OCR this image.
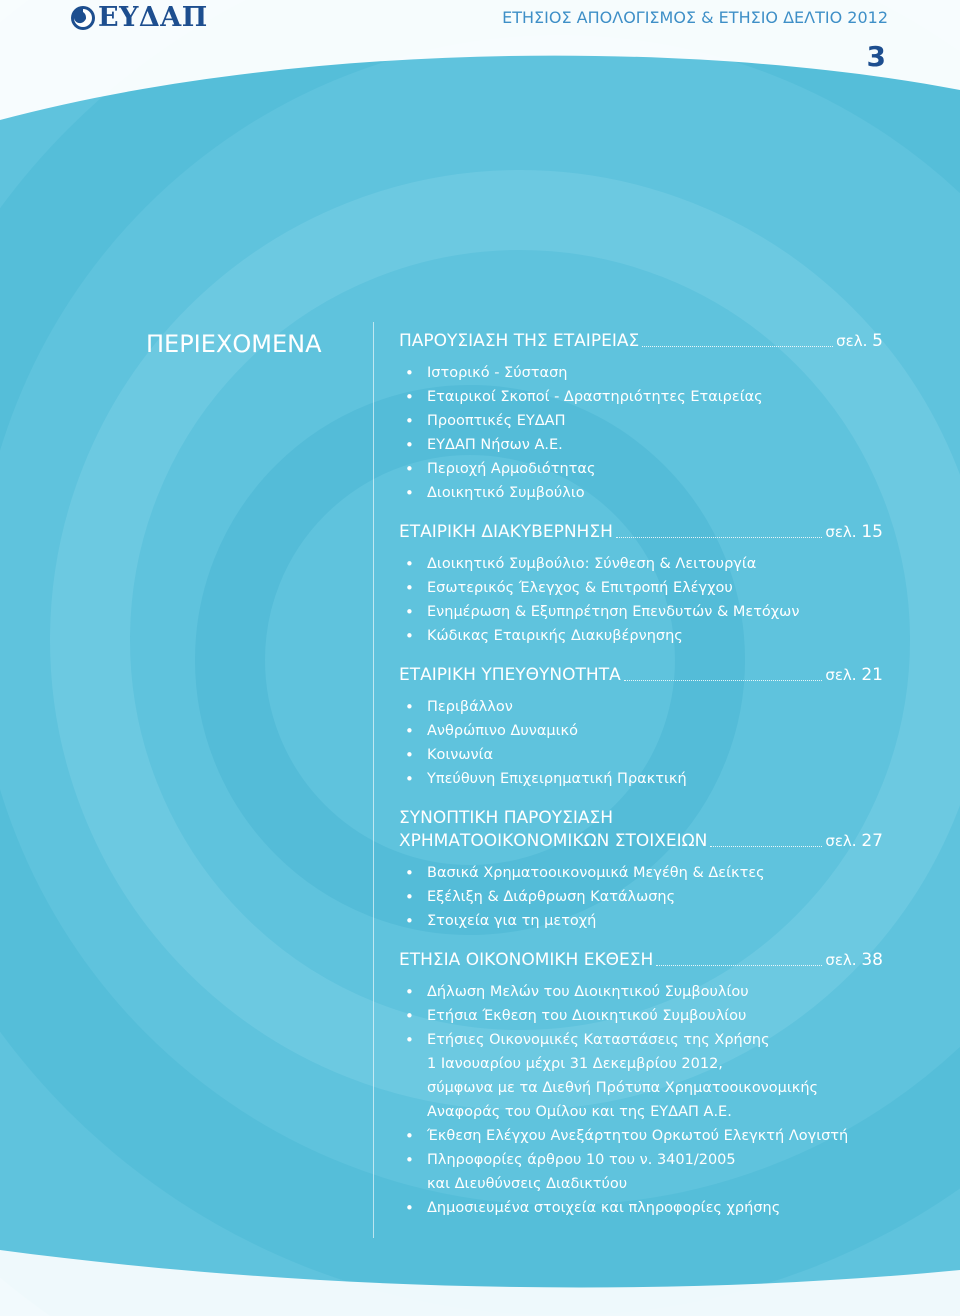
ΕΥΔΑΠ	ΕΤΗΣΙΟΣ ΑΠΟΛΟΓΙΣΜΟΣ & ΕΤΗΣΙΟ ΔΕΛΤΙΟ 2012
3
ΠΕΡΙΕΧΟΜΕΝΑ	ΠΑΡΟΥΣΙΑΣΗ ΤΗΣ ΕΤΑΙΡΕΙΑΣ	σελ. 5
• Ιστορικό - Σύσταση
• Εταιρικοί Σκοποί - Δραστηριότητες Εταιρείας
• Προοπτικές ΕΥΔΑΠ
• ΕΥΔΑΠ Νήσων Α.Ε.
• Περιοχή Αρμοδιότητας
• Διοικητικό Συμβούλιο
ΕΤΑΙΡΙΚΗ ΔΙΑΚΥΒΕΡΝΗΣΗ	σελ. 15
• Διοικητικό Συμβούλιο: Σύνθεση & Λειτουργία
• Εσωτερικός Έλεγχος & Επιτροπή Ελέγχου
• Ενημέρωση & Εξυπηρέτηση Επενδυτών & Μετόχων
• Κώδικας Εταιρικής Διακυβέρνησης
ΕΤΑΙΡΙΚΗ ΥΠΕΥΘΥΝΟΤΗΤΑ	σελ. 21
• Περιβάλλον
• Ανθρώπινο Δυναμικό
• Κοινωνία
• Υπεύθυνη Επιχειρηματική Πρακτική
ΣΥΝΟΠΤΙΚΗ ΠΑΡΟΥΣΙΑΣΗ
ΧΡΗΜΑΤΟΟΙΚΟΝΟΜΙΚΩΝ ΣΤΟΙΧΕΙΩΝ	σελ. 27
• Βασικά Χρηματοοικονομικά Μεγέθη & Δείκτες
• Εξέλιξη & Διάρθρωση Κατάλωσης
• Στοιχεία για τη μετοχή
ΕΤΗΣΙΑ ΟΙΚΟΝΟΜΙΚΗ ΕΚΘΕΣΗ	σελ. 38
• Δήλωση Μελών του Διοικητικού Συμβουλίου
• Ετήσια Έκθεση του Διοικητικού Συμβουλίου
• Ετήσιες Οικονομικές Καταστάσεις της Χρήσης
1 Ιανουαρίου μέχρι 31 Δεκεμβρίου 2012,
σύμφωνα με τα Διεθνή Πρότυπα Χρηματοοικονομικής
Αναφοράς του Ομίλου και της ΕΥΔΑΠ Α.Ε.
• Έκθεση Ελέγχου Ανεξάρτητου Ορκωτού Ελεγκτή Λογιστή
• Πληροφορίες άρθρου 10 του ν. 3401/2005
και Διευθύνσεις Διαδικτύου
• Δημοσιευμένα στοιχεία και πληροφορίες χρήσης
